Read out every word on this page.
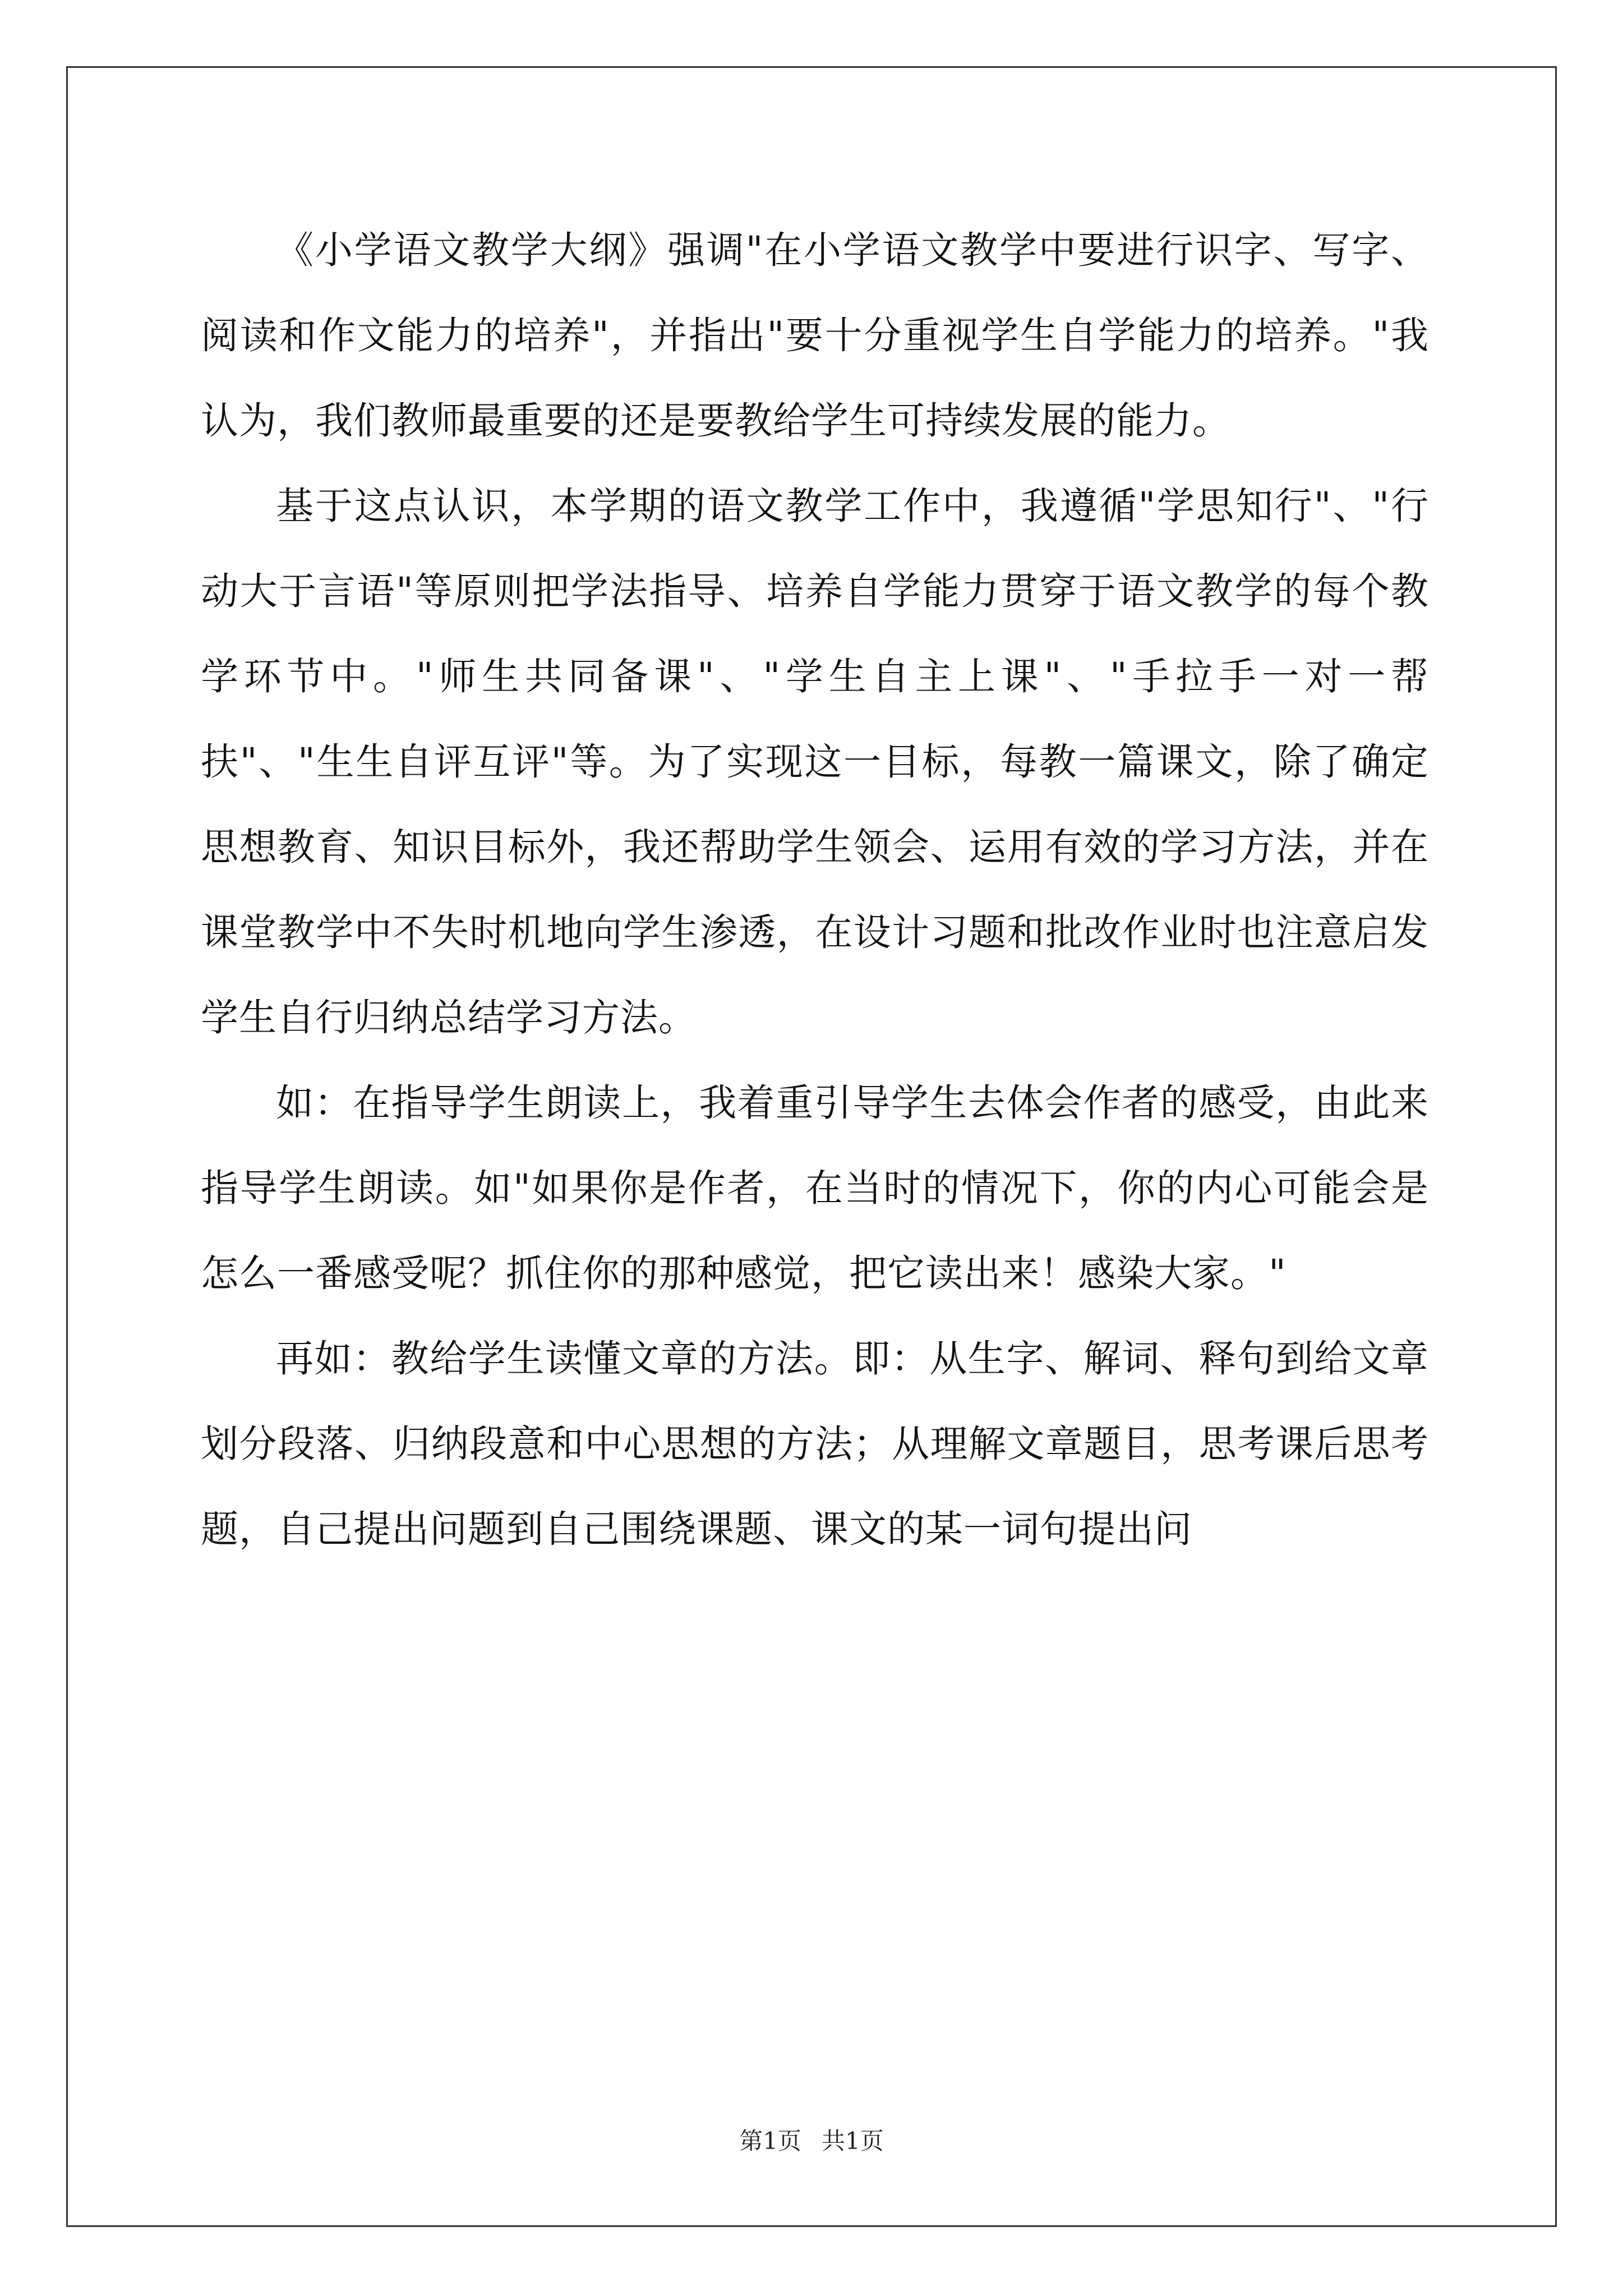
《小学语文教学大纲》强调"在小学语文教学中要进行识字、写字、阅读和作文能力的培养"，并指出"要十分重视学生自学能力的培养。"我认为，我们教师最重要的还是要教给学生可持续发展的能力。

基于这点认识，本学期的语文教学工作中，我遵循"学思知行"、"行动大于言语"等原则把学法指导、培养自学能力贯穿于语文教学的每个教学环节中。"师生共同备课"、"学生自主上课"、"手拉手一对一帮扶"、"生生自评互评"等。为了实现这一目标，每教一篇课文，除了确定思想教育、知识目标外，我还帮助学生领会、运用有效的学习方法，并在课堂教学中不失时机地向学生渗透，在设计习题和批改作业时也注意启发学生自行归纳总结学习方法。

如：在指导学生朗读上，我着重引导学生去体会作者的感受，由此来指导学生朗读。如"如果你是作者，在当时的情况下，你的内心可能会是怎么一番感受呢？抓住你的那种感觉，把它读出来！感染大家。"

再如：教给学生读懂文章的方法。即：从生字、解词、释句到给文章划分段落、归纳段意和中心思想的方法；从理解文章题目，思考课后思考题，自己提出问题到自己围绕课题、课文的某一词句提出问

第1页 共1页
